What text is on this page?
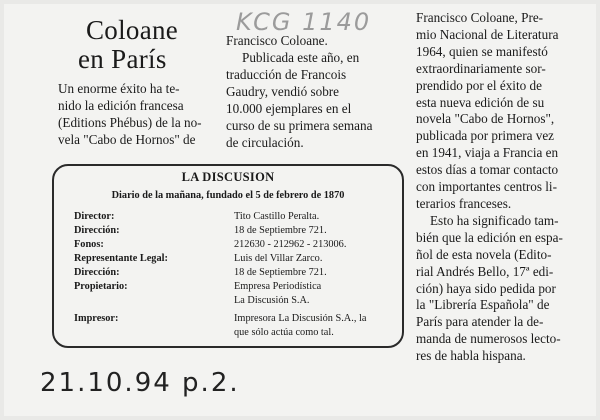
Coloane
en París
KCG 1140
Un enorme éxito ha te-
nido la edición francesa
(Editions Phébus) de la no-
vela "Cabo de Hornos" de
Francisco Coloane.
Publicada este año, en
traducción de Francois
Gaudry, vendió sobre
10.000 ejemplares en el
curso de su primera semana
de circulación.
Francisco Coloane, Pre-
mio Nacional de Literatura
1964, quien se manifestó
extraordinariamente sor-
prendido por el éxito de
esta nueva edición de su
novela "Cabo de Hornos",
publicada por primera vez
en 1941, viaja a Francia en
estos días a tomar contacto
con importantes centros li-
terarios franceses.
Esto ha significado tam-
bién que la edición en espa-
ñol de esta novela (Edito-
rial Andrés Bello, 17ª edi-
ción) haya sido pedida por
la "Librería Española" de
París para atender la de-
manda de numerosos lecto-
res de habla hispana.
LA DISCUSION
Diario de la mañana, fundado el 5 de febrero de 1870
Director:	Tito Castillo Peralta.
Dirección:	18 de Septiembre 721.
Fonos:	212630 - 212962 - 213006.
Representante Legal:	Luis del Villar Zarco.
Dirección:	18 de Septiembre 721.
Propietario:	Empresa Periodística
La Discusión S.A.
Impresor:	Impresora La Discusión S.A., la
que sólo actúa como tal.
21.10.94 p.2.
